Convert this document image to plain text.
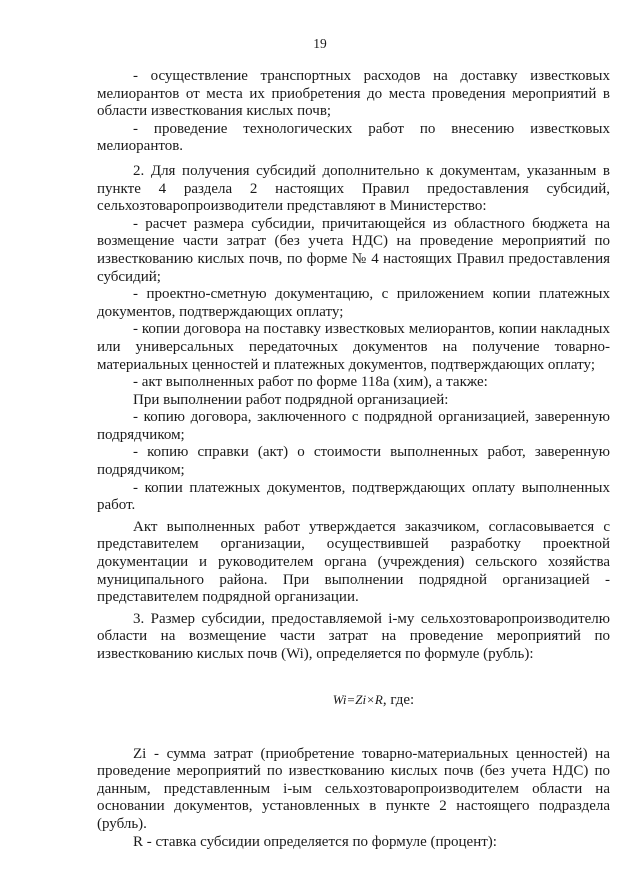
19

- осуществление транспортных расходов на доставку известковых мелиорантов от места их приобретения до места проведения мероприятий в области известкования кислых почв;

- проведение технологических работ по внесению известковых мелиорантов.

2. Для получения субсидий дополнительно к документам, указанным в пункте 4 раздела 2 настоящих Правил предоставления субсидий, сельхозтоваропроизводители представляют в Министерство:

- расчет размера субсидии, причитающейся из областного бюджета на возмещение части затрат (без учета НДС) на проведение мероприятий по известкованию кислых почв, по форме № 4 настоящих Правил предоставления субсидий;

- проектно-сметную документацию, с приложением копии платежных документов, подтверждающих оплату;

- копии договора на поставку известковых мелиорантов, копии накладных или универсальных передаточных документов на получение товарно-материальных ценностей и платежных документов, подтверждающих оплату;

- акт выполненных работ по форме 118а (хим), а также:

При выполнении работ подрядной организацией:

- копию договора, заключенного с подрядной организацией, заверенную подрядчиком;

- копию справки (акт) о стоимости выполненных работ, заверенную подрядчиком;

- копии платежных документов, подтверждающих оплату выполненных работ.

Акт выполненных работ утверждается заказчиком, согласовывается с представителем организации, осуществившей разработку проектной документации и руководителем органа (учреждения) сельского хозяйства муниципального района. При выполнении подрядной организацией - представителем подрядной организации.

3. Размер субсидии, предоставляемой i-му сельхозтоваропроизводителю области на возмещение части затрат на проведение мероприятий по известкованию кислых почв (Wi), определяется по формуле (рубль):

Wi=Zi×R, где:

Zi - сумма затрат (приобретение товарно-материальных ценностей) на проведение мероприятий по известкованию кислых почв (без учета НДС) по данным, представленным i-ым сельхозтоваропроизводителем области на основании документов, установленных в пункте 2 настоящего подраздела (рубль).

R - ставка субсидии определяется по формуле (процент):
